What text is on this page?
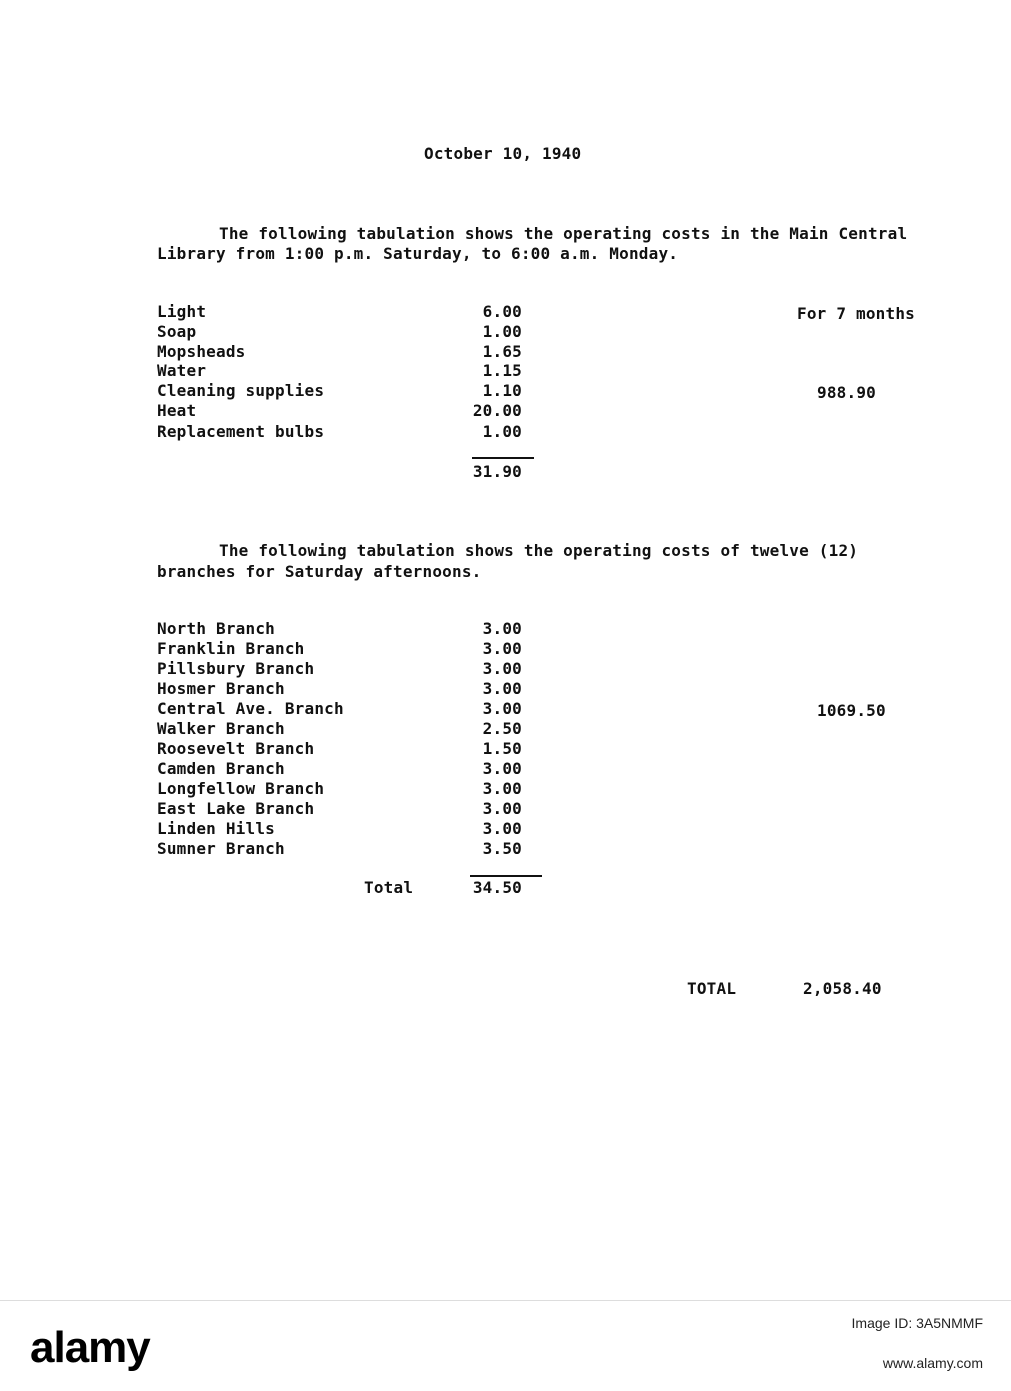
October 10, 1940
The following tabulation shows the operating costs in the Main Central
Library from 1:00 p.m. Saturday, to 6:00 a.m. Monday.
Light	6.00
Soap	1.00
Mopsheads	1.65
Water	1.15
Cleaning supplies	1.10
Heat	20.00
Replacement bulbs	1.00
31.90
For 7 months
988.90
The following tabulation shows the operating costs of twelve (12)
branches for Saturday afternoons.
North Branch	3.00
Franklin Branch	3.00
Pillsbury Branch	3.00
Hosmer Branch	3.00
Central Ave. Branch	3.00
Walker Branch	2.50
Roosevelt Branch	1.50
Camden Branch	3.00
Longfellow Branch	3.00
East Lake Branch	3.00
Linden Hills	3.00
Sumner Branch	3.50
1069.50
Total	34.50
TOTAL	2,058.40
alamy	Image ID: 3A5NMMF
www.alamy.com
